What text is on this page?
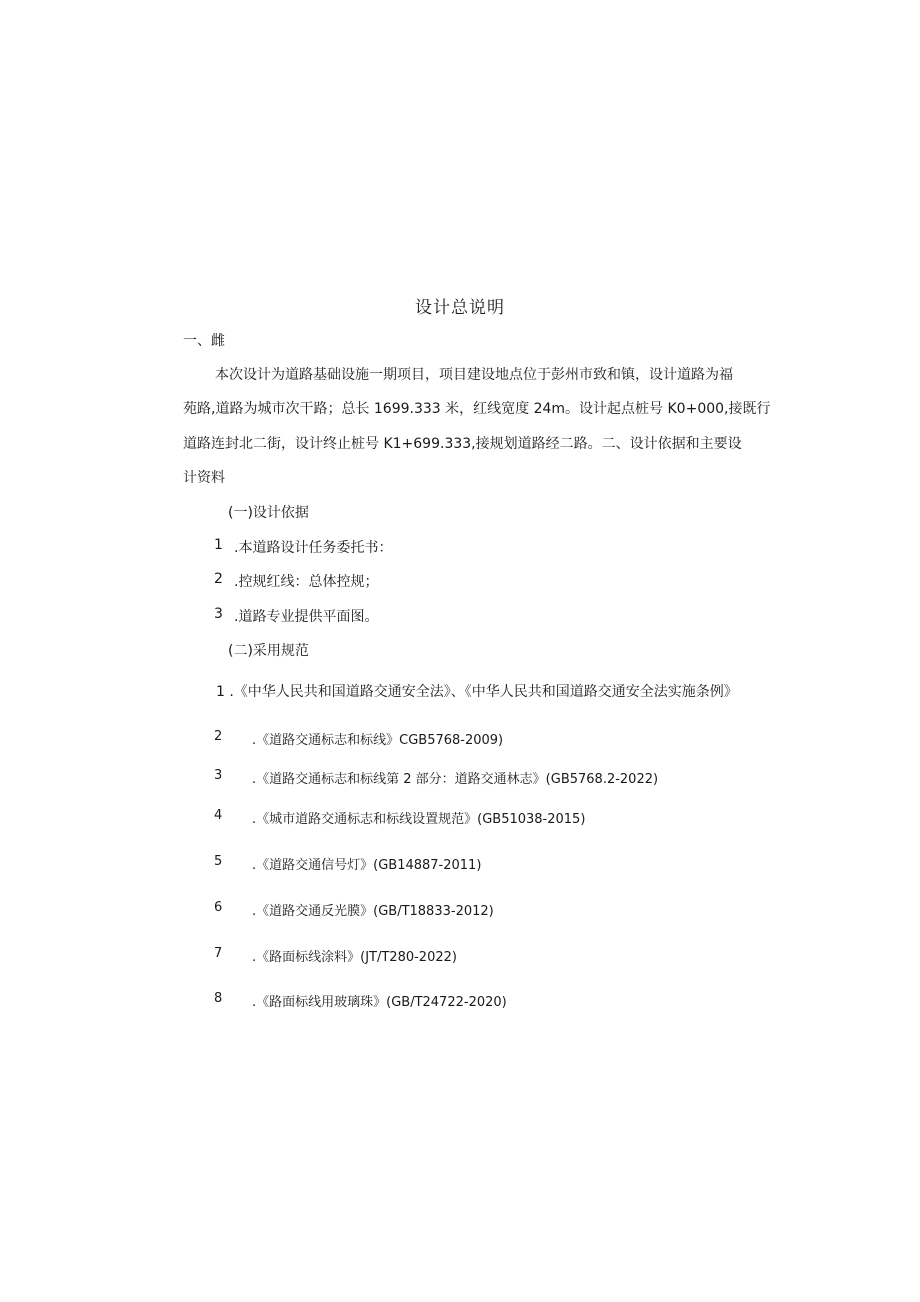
设计总说明
一、雌
本次设计为道路基础设施一期项目，项目建设地点位于彭州市致和镇，设计道路为福
苑路,道路为城市次干路；总长 1699.333 米，红线宽度 24m。设计起点桩号 K0+000,接既行
道路连封北二街，设计终止桩号 K1+699.333,接规划道路经二路。二、设计依据和主要设
计资料
(一)设计依据
1 .本道路设计任务委托书：
2 .控规红线：总体控规；
3 .道路专业提供平面图。
(二)采用规范
1 .《中华人民共和国道路交通安全法》、《中华人民共和国道路交通安全法实施条例》
2 .《道路交通标志和标线》CGB5768-2009)
3 .《道路交通标志和标线第 2 部分：道路交通林志》(GB5768.2-2022)
4 .《城市道路交通标志和标线设置规范》(GB51038-2015)
5 .《道路交通信号灯》(GB14887-2011)
6 .《道路交通反光膜》(GB/T18833-2012)
7 .《路面标线涂料》(JT/T280-2022)
8 .《路面标线用玻璃珠》(GB/T24722-2020)
